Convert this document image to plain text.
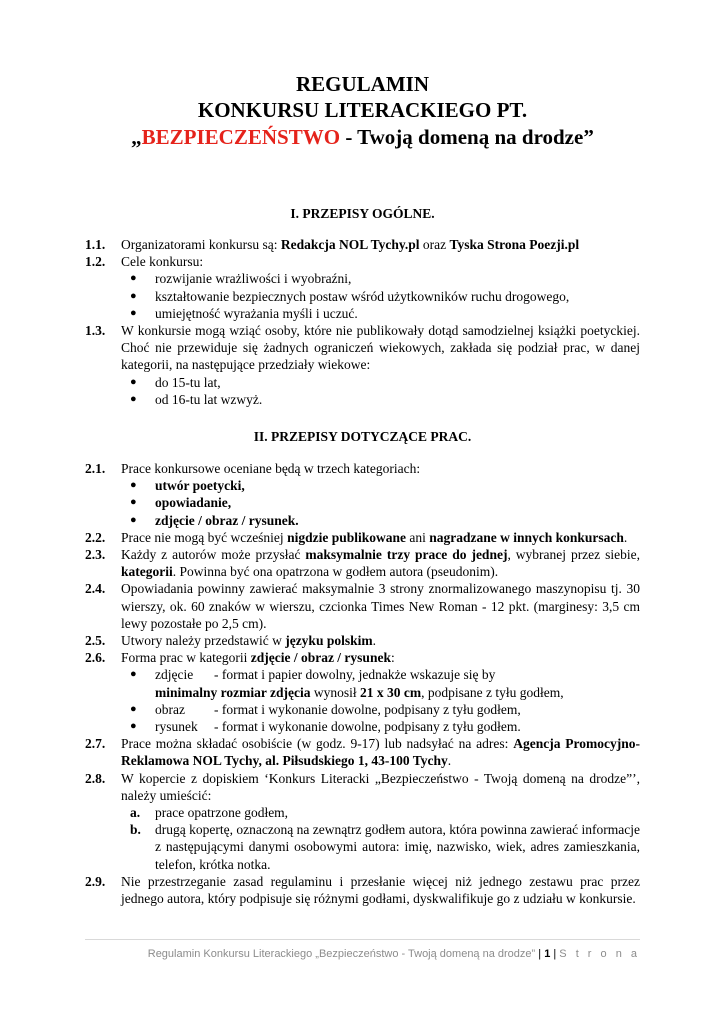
REGULAMIN
KONKURSU LITERACKIEGO PT.
„BEZPIECZEŃSTWO - Twoją domeną na drodze”
I. PRZEPISY OGÓLNE.
1.1.	Organizatorami konkursu są: Redakcja NOL Tychy.pl oraz Tyska Strona Poezji.pl
1.2.	Cele konkursu:
●	rozwijanie wrażliwości i wyobraźni,
●	kształtowanie bezpiecznych postaw wśród użytkowników ruchu drogowego,
●	umiejętność wyrażania myśli i uczuć.
1.3.	W konkursie mogą wziąć osoby, które nie publikowały dotąd samodzielnej książki poetyckiej. Choć nie przewiduje się żadnych ograniczeń wiekowych, zakłada się podział prac, w danej kategorii, na następujące przedziały wiekowe:
●	do 15-tu lat,
●	od 16-tu lat wzwyż.
II. PRZEPISY DOTYCZĄCE PRAC.
2.1.	Prace konkursowe oceniane będą w trzech kategoriach:
●	utwór poetycki,
●	opowiadanie,
●	zdjęcie / obraz / rysunek.
2.2.	Prace nie mogą być wcześniej nigdzie publikowane ani nagradzane w innych konkursach.
2.3.	Każdy z autorów może przysłać maksymalnie trzy prace do jednej, wybranej przez siebie, kategorii. Powinna być ona opatrzona w godłem autora (pseudonim).
2.4.	Opowiadania powinny zawierać maksymalnie 3 strony znormalizowanego maszynopisu tj. 30 wierszy, ok. 60 znaków w wierszu, czcionka Times New Roman - 12 pkt. (marginesy: 3,5 cm lewy pozostałe po 2,5 cm).
2.5.	Utwory należy przedstawić w języku polskim.
2.6.	Forma prac w kategorii zdjęcie / obraz / rysunek:
●	zdjęcie - format i papier dowolny, jednakże wskazuje się by
minimalny rozmiar zdjęcia wynosił 21 x 30 cm, podpisane z tyłu godłem,
●	obraz - format i wykonanie dowolne, podpisany z tyłu godłem,
●	rysunek - format i wykonanie dowolne, podpisany z tyłu godłem.
2.7.	Prace można składać osobiście (w godz. 9-17) lub nadsyłać na adres: Agencja Promocyjno-Reklamowa NOL Tychy, al. Piłsudskiego 1, 43-100 Tychy.
2.8.	W kopercie z dopiskiem ‘Konkurs Literacki „Bezpieczeństwo - Twoją domeną na drodze”’, należy umieścić:
a.	prace opatrzone godłem,
b.	drugą kopertę, oznaczoną na zewnątrz godłem autora, która powinna zawierać informacje z następującymi danymi osobowymi autora: imię, nazwisko, wiek, adres zamieszkania, telefon, krótka notka.
2.9.	Nie przestrzeganie zasad regulaminu i przesłanie więcej niż jednego zestawu prac przez jednego autora, który podpisuje się różnymi godłami, dyskwalifikuje go z udziału w konkursie.
Regulamin Konkursu Literackiego „Bezpieczeństwo - Twoją domeną na drodze” | 1 | S t r o n a
